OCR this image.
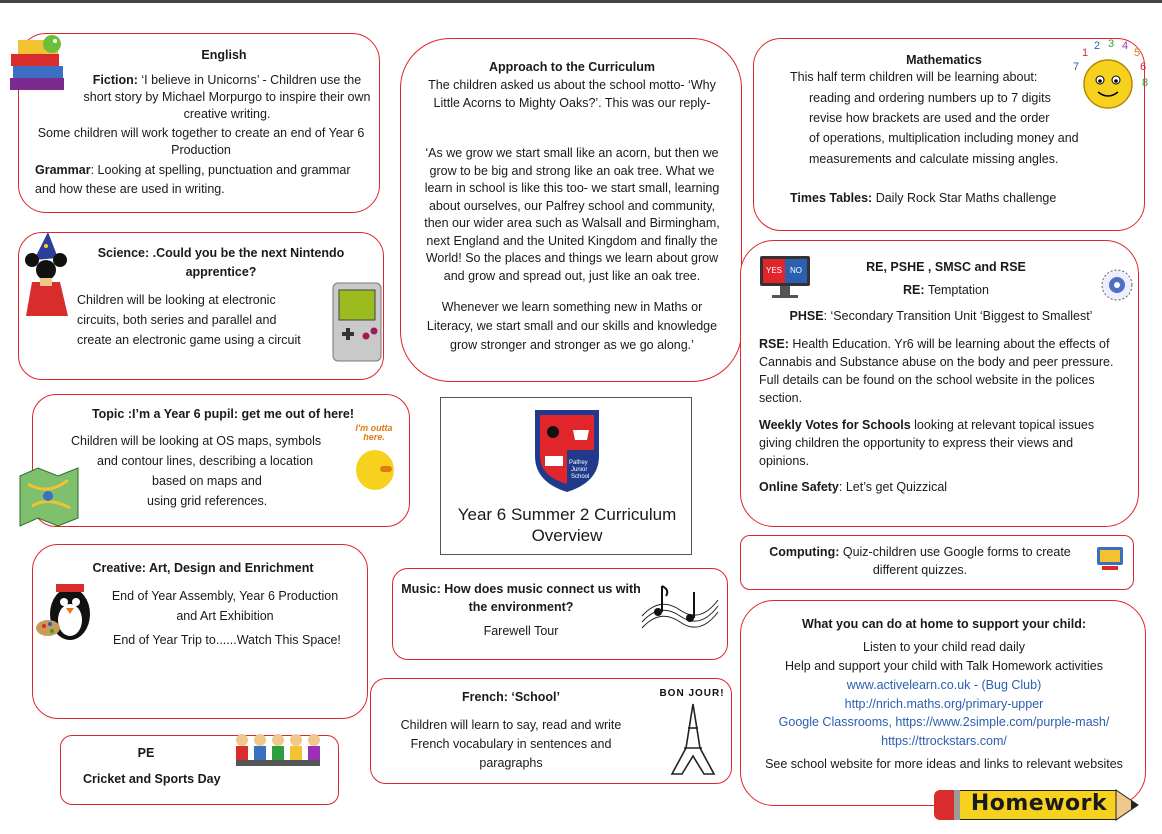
English

Fiction: ‘I believe in Unicorns’ - Children use the short story by Michael Morpurgo to inspire their own creative writing.

Some children will work together to create an end of Year 6 Production

Grammar: Looking at spelling, punctuation and grammar and how these are used in writing.

Approach to the Curriculum

The children asked us about the school motto- ‘Why Little Acorns to Mighty Oaks?’. This was our reply-

‘As we grow we start small like an acorn, but then we grow to be big and strong like an oak tree. What we learn in school is like this too- we start small, learning about ourselves, our Palfrey school and community, then our wider area such as Walsall and Birmingham, next England and the United Kingdom and finally the World! So the places and things we learn about grow and grow and spread out, just like an oak tree.

Whenever we learn something new in Maths or Literacy, we start small and our skills and knowledge grow stronger and stronger as we go along.’

Mathematics

This half term children will be learning about:

reading and ordering numbers up to 7 digits

revise how brackets are used and the order

of operations, multiplication including money and

measurements and calculate missing angles.

Times Tables: Daily Rock Star Maths challenge

1
2 3 4
5
6
7
8
Science: .Could you be the next Nintendo apprentice?

Children will be looking at electronic circuits, both series and parallel and create an electronic game using a circuit

RE, PSHE , SMSC and RSE

RE: Temptation

PHSE: ‘Secondary Transition Unit ‘Biggest to Smallest’

RSE: Health Education. Yr6 will be learning about the effects of Cannabis and Substance abuse on the body and peer pressure. Full details can be found on the school website in the polices section.

Weekly Votes for Schools looking at relevant topical issues giving children the opportunity to express their views and opinions.

Online Safety: Let’s get Quizzical

YES	NO
Topic :I’m a Year 6 pupil: get me out of here!

Children will be looking at OS maps, symbols

and contour lines, describing a location

based on maps and

using grid references.

I'm outta here.
Palfrey
Junior
School
Year 6 Summer 2 Curriculum Overview

Computing: Quiz-children use Google forms to create different quizzes.

Creative: Art, Design and Enrichment

End of Year Assembly, Year 6 Production and Art Exhibition

End of Year Trip to......Watch This Space!

Music: How does music connect us with the environment?

Farewell Tour	What you can do at home to support your child:

Listen to your child read daily

Help and support your child with Talk Homework activities

www.activelearn.co.uk - (Bug Club)
http://nrich.maths.org/primary-upper
Google Classrooms, https://www.2simple.com/purple-mash/
https://ttrockstars.com/

See school website for more ideas and links to relevant websites

Homework
French: ‘School’

Children will learn to say, read and write French vocabulary in sentences and paragraphs

BON JOUR!
PE
Cricket and Sports Day
